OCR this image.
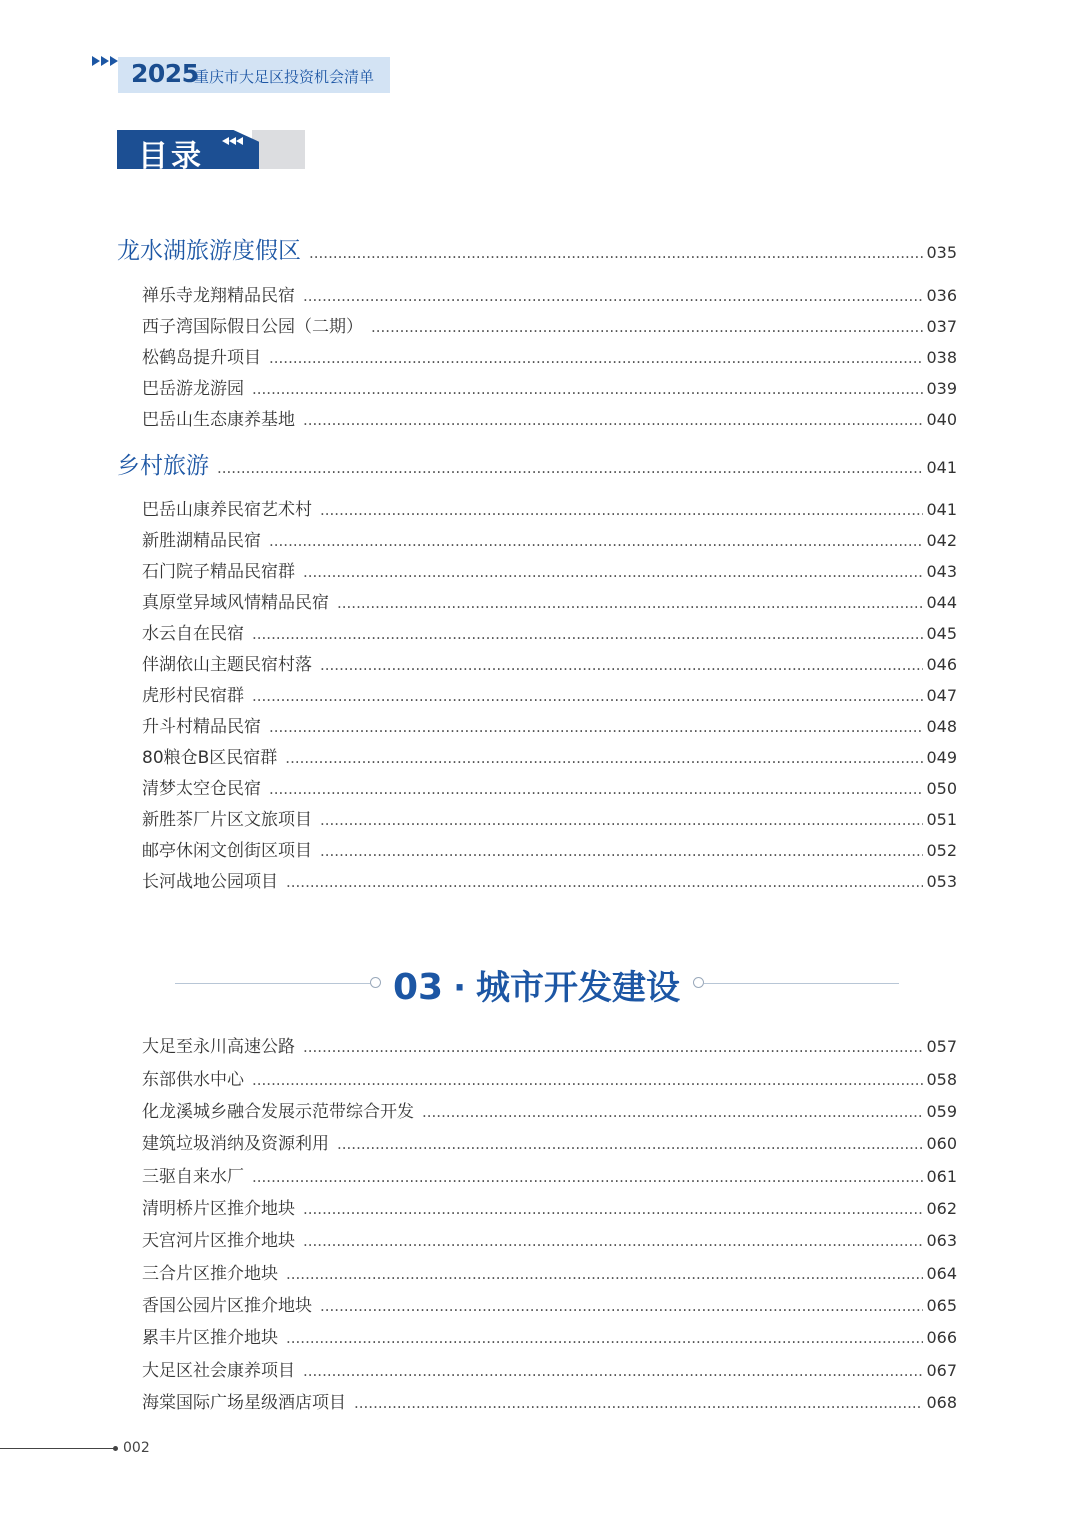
2025
重庆市大足区投资机会清单
目录
龙水湖旅游度假区 .....	035
禅乐寺龙翔精品民宿 .....	036
西子湾国际假日公园（二期） .....	037
松鹤岛提升项目 .....	038
巴岳游龙游园 .....	039
巴岳山生态康养基地 .....	040
乡村旅游 .....	041
巴岳山康养民宿艺术村 .....	041
新胜湖精品民宿 .....	042
石门院子精品民宿群 .....	043
真原堂异域风情精品民宿 .....	044
水云自在民宿 .....	045
伴湖依山主题民宿村落 .....	046
虎形村民宿群 .....	047
升斗村精品民宿 .....	048
80粮仓B区民宿群 .....	049
清梦太空仓民宿 .....	050
新胜茶厂片区文旅项目 .....	051
邮亭休闲文创街区项目 .....	052
长河战地公园项目 .....	053
03 · 城市开发建设
大足至永川高速公路 .....	057
东部供水中心 .....	058
化龙溪城乡融合发展示范带综合开发 .....	059
建筑垃圾消纳及资源利用 .....	060
三驱自来水厂 .....	061
清明桥片区推介地块 .....	062
天宫河片区推介地块 .....	063
三合片区推介地块 .....	064
香国公园片区推介地块 .....	065
累丰片区推介地块 .....	066
大足区社会康养项目 .....	067
海棠国际广场星级酒店项目 .....	068
002
